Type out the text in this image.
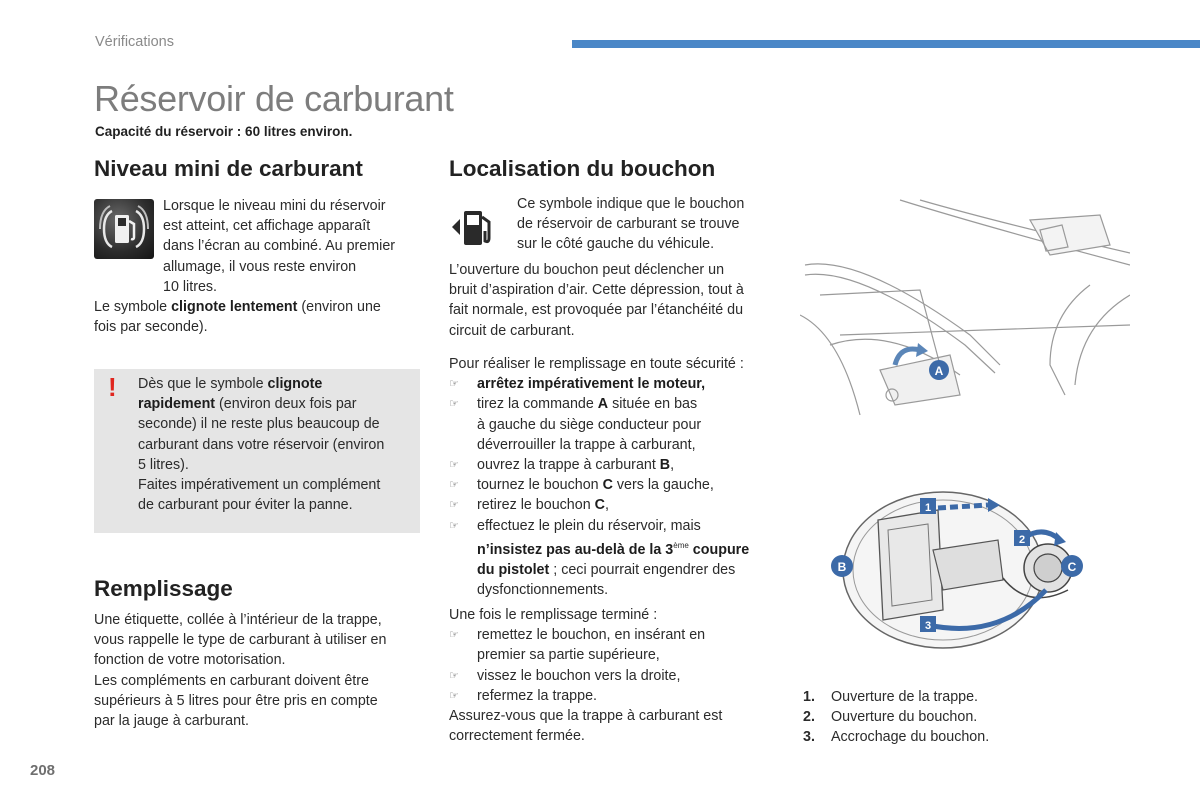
Vérifications
Réservoir de carburant
Capacité du réservoir : 60 litres environ.
Niveau mini de carburant
Lorsque le niveau mini du réservoir
est atteint, cet affichage apparaît
dans l’écran au combiné. Au premier
allumage, il vous reste environ
10 litres.
Le symbole clignote lentement (environ une
fois par seconde).
! Dès que le symbole clignote
rapidement (environ deux fois par
seconde) il ne reste plus beaucoup de
carburant dans votre réservoir (environ
5 litres).
Faites impérativement un complément
de carburant pour éviter la panne.
Remplissage
Une étiquette, collée à l’intérieur de la trappe,
vous rappelle le type de carburant à utiliser en
fonction de votre motorisation.
Les compléments en carburant doivent être
supérieurs à 5 litres pour être pris en compte
par la jauge à carburant.
Localisation du bouchon
Ce symbole indique que le bouchon
de réservoir de carburant se trouve
sur le côté gauche du véhicule.
L’ouverture du bouchon peut déclencher un
bruit d’aspiration d’air. Cette dépression, tout à
fait normale, est provoquée par l’étanchéité du
circuit de carburant.
Pour réaliser le remplissage en toute sécurité :
☞ arrêtez impérativement le moteur,
☞ tirez la commande A située en bas
à gauche du siège conducteur pour
déverrouiller la trappe à carburant,
☞ ouvrez la trappe à carburant B,
☞ tournez le bouchon C vers la gauche,
☞ retirez le bouchon C,
☞ effectuez le plein du réservoir, mais
n’insistez pas au-delà de la 3ème coupure
du pistolet ; ceci pourrait engendrer des
dysfonctionnements.
Une fois le remplissage terminé :
☞ remettez le bouchon, en insérant en
premier sa partie supérieure,
☞ vissez le bouchon vers la droite,
☞ refermez la trappe.
Assurez-vous que la trappe à carburant est
correctement fermée.
A
B	C
1
2
3
1. Ouverture de la trappe.
2. Ouverture du bouchon.
3. Accrochage du bouchon.
208
